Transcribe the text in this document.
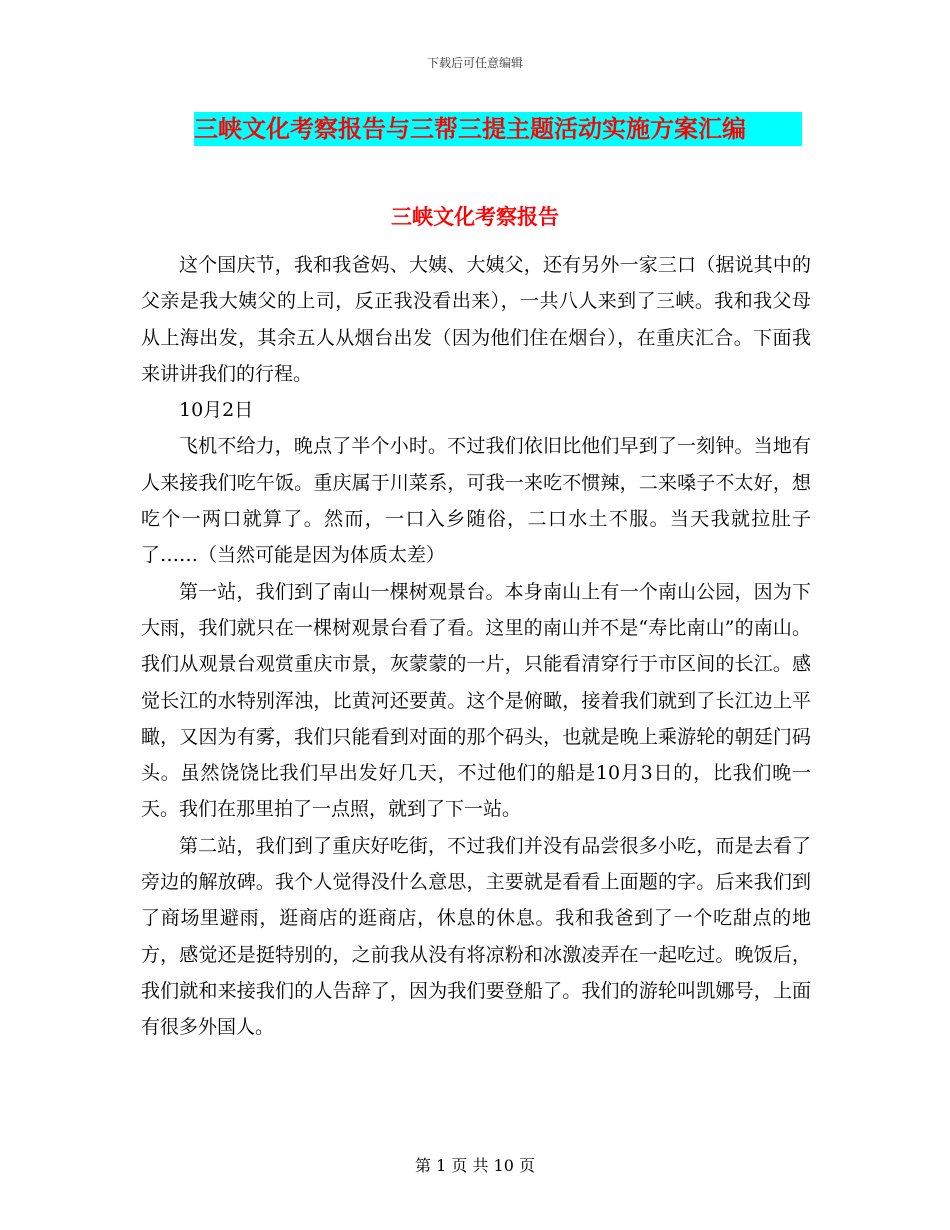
下载后可任意编辑
三峡文化考察报告与三帮三提主题活动实施方案汇编
三峡文化考察报告

这个国庆节，我和我爸妈、大姨、大姨父，还有另外一家三口（据说其中的父亲是我大姨父的上司，反正我没看出来），一共八人来到了三峡。我和我父母从上海出发，其余五人从烟台出发（因为他们住在烟台），在重庆汇合。下面我来讲讲我们的行程。

10月2日

飞机不给力，晚点了半个小时。不过我们依旧比他们早到了一刻钟。当地有人来接我们吃午饭。重庆属于川菜系，可我一来吃不惯辣，二来嗓子不太好，想吃个一两口就算了。然而，一口入乡随俗，二口水土不服。当天我就拉肚子了……（当然可能是因为体质太差）

第一站，我们到了南山一棵树观景台。本身南山上有一个南山公园，因为下大雨，我们就只在一棵树观景台看了看。这里的南山并不是“寿比南山”的南山。我们从观景台观赏重庆市景，灰蒙蒙的一片，只能看清穿行于市区间的长江。感觉长江的水特别浑浊，比黄河还要黄。这个是俯瞰，接着我们就到了长江边上平瞰，又因为有雾，我们只能看到对面的那个码头，也就是晚上乘游轮的朝廷门码头。虽然饶饶比我们早出发好几天，不过他们的船是10月3日的，比我们晚一天。我们在那里拍了一点照，就到了下一站。

第二站，我们到了重庆好吃街，不过我们并没有品尝很多小吃，而是去看了旁边的解放碑。我个人觉得没什么意思，主要就是看看上面题的字。后来我们到了商场里避雨，逛商店的逛商店，休息的休息。我和我爸到了一个吃甜点的地方，感觉还是挺特别的，之前我从没有将凉粉和冰激凌弄在一起吃过。晚饭后，我们就和来接我们的人告辞了，因为我们要登船了。我们的游轮叫凯娜号，上面有很多外国人。

第 1 页 共 10 页
